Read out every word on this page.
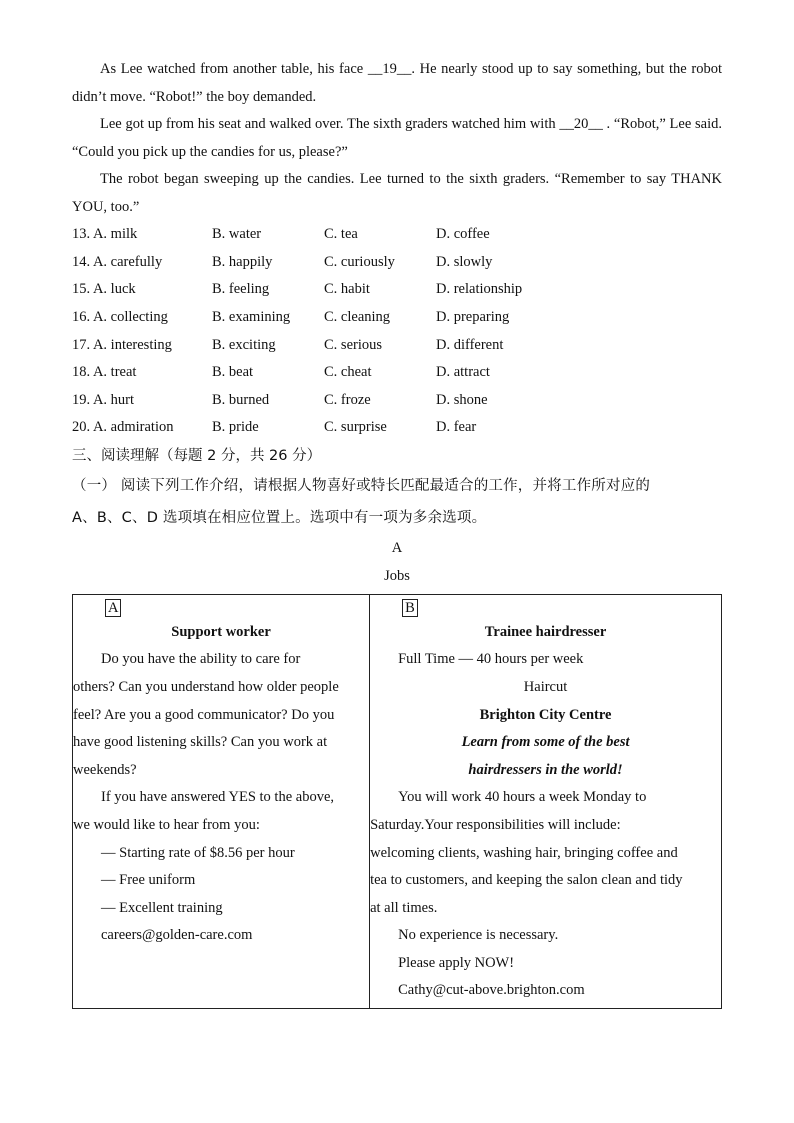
As Lee watched from another table, his face __19__. He nearly stood up to say something, but the robot didn’t move. “Robot!” the boy demanded.

Lee got up from his seat and walked over. The sixth graders watched him with __20__ . “Robot,” Lee said. “Could you pick up the candies for us, please?”

The robot began sweeping up the candies. Lee turned to the sixth graders. “Remember to say THANK YOU, too.”

13. A. milk	B. water	C. tea	D. coffee
14. A. carefully	B. happily	C. curiously	D. slowly
15. A. luck	B. feeling	C. habit	D. relationship
16. A. collecting	B. examining	C. cleaning	D. preparing
17. A. interesting	B. exciting	C. serious	D. different
18. A. treat	B. beat	C. cheat	D. attract
19. A. hurt	B. burned	C. froze	D. shone
20. A. admiration	B. pride	C. surprise	D. fear

三、阅读理解（每题 2 分，共 26 分）

（一） 阅读下列工作介绍，请根据人物喜好或特长匹配最适合的工作，并将工作所对应的

A、B、C、D 选项填在相应位置上。选项中有一项为多余选项。

A

Jobs

A

Support worker

Do you have the ability to care for

others? Can you understand how older people

feel? Are you a good communicator? Do you

have good listening skills? Can you work at

weekends?

If you have answered YES to the above,

we would like to hear from you:

— Starting rate of $8.56 per hour

— Free uniform

— Excellent training

careers@golden-care.com

	B

Trainee hairdresser

Full Time — 40 hours per week

Haircut

Brighton City Centre

Learn from some of the best

hairdressers in the world!

You will work 40 hours a week Monday to

Saturday.Your responsibilities will include:

welcoming clients, washing hair, bringing coffee and

tea to customers, and keeping the salon clean and tidy

at all times.

No experience is necessary.

Please apply NOW!

Cathy@cut-above.brighton.com
